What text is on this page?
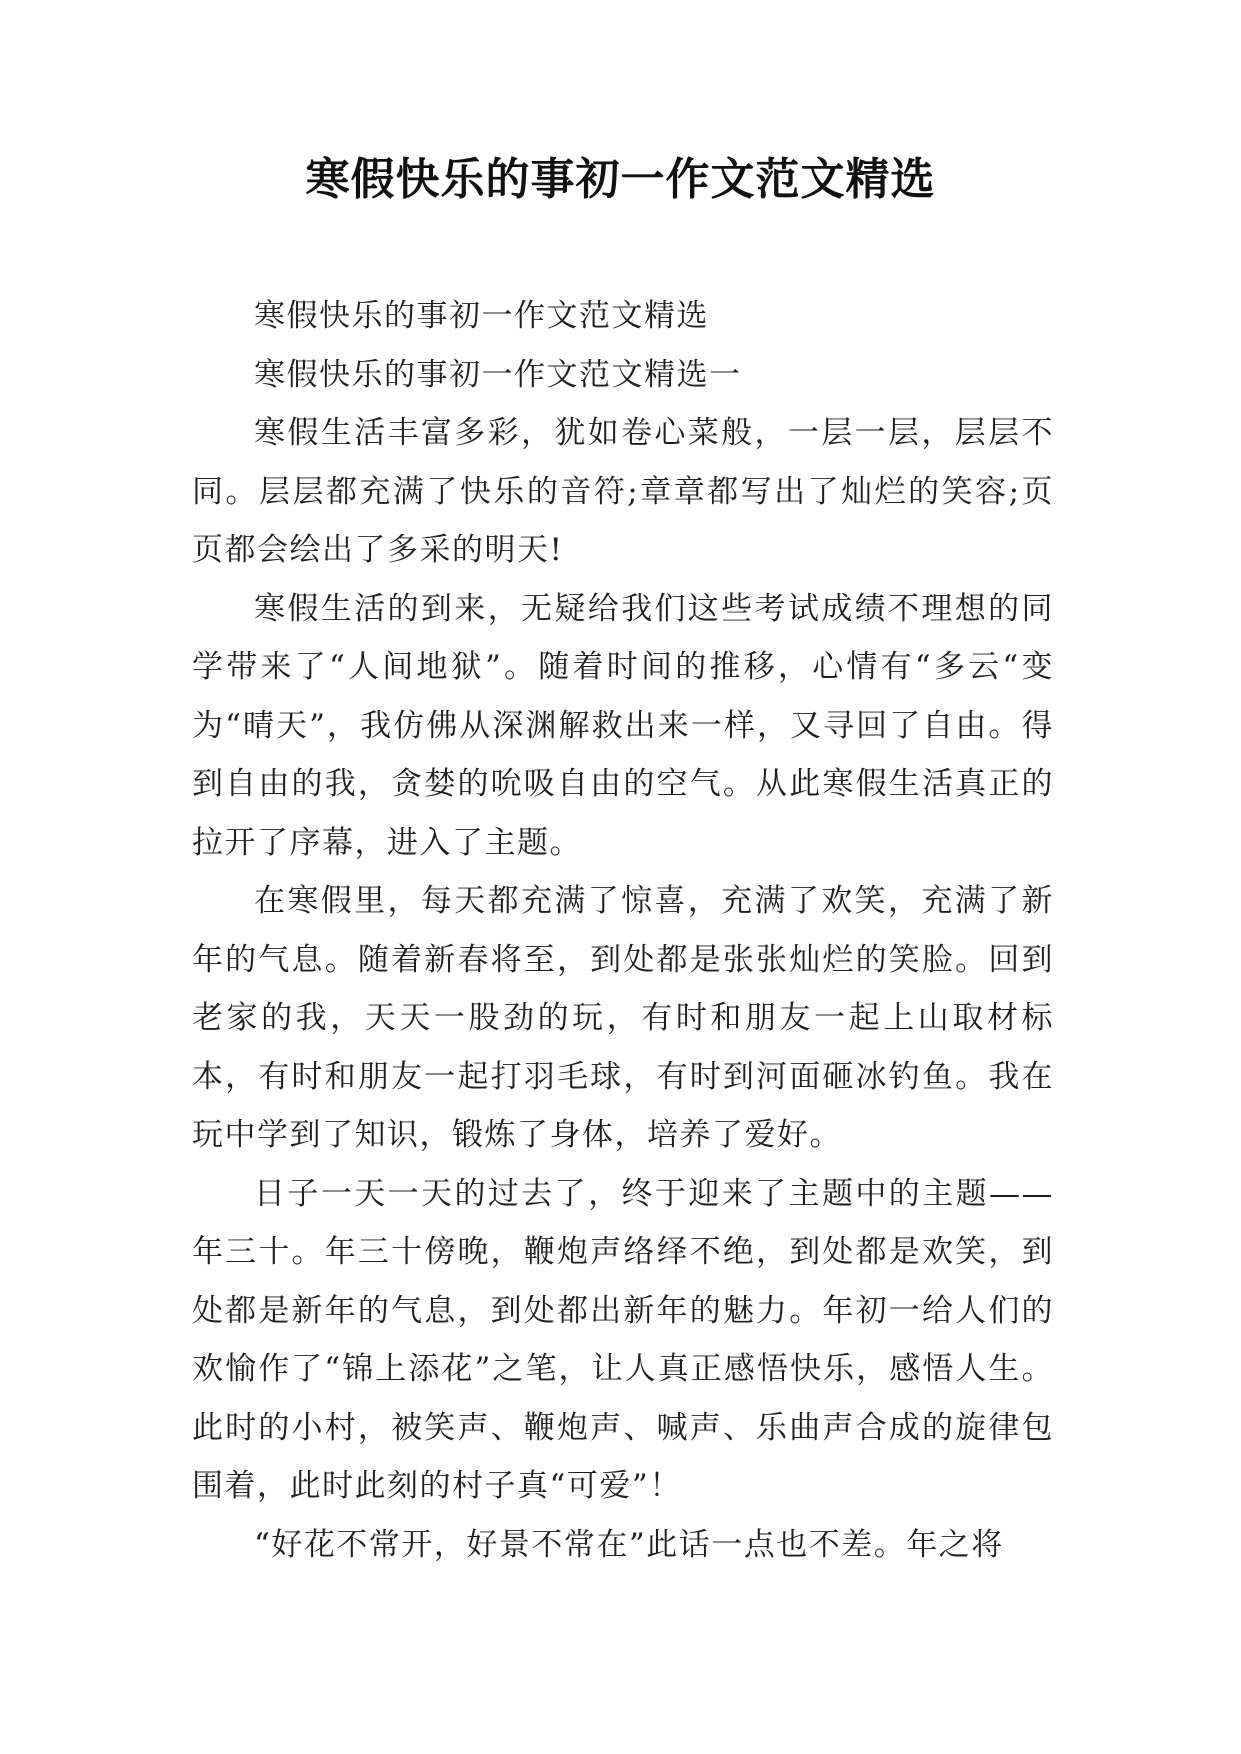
寒假快乐的事初一作文范文精选

寒假快乐的事初一作文范文精选

寒假快乐的事初一作文范文精选一

寒假生活丰富多彩，犹如卷心菜般，一层一层，层层不同。层层都充满了快乐的音符;章章都写出了灿烂的笑容;页页都会绘出了多采的明天!

寒假生活的到来，无疑给我们这些考试成绩不理想的同学带来了“人间地狱”。随着时间的推移，心情有“多云“变为“晴天”，我仿佛从深渊解救出来一样，又寻回了自由。得到自由的我，贪婪的吮吸自由的空气。从此寒假生活真正的拉开了序幕，进入了主题。

在寒假里，每天都充满了惊喜，充满了欢笑，充满了新年的气息。随着新春将至，到处都是张张灿烂的笑脸。回到老家的我，天天一股劲的玩，有时和朋友一起上山取材标本，有时和朋友一起打羽毛球，有时到河面砸冰钓鱼。我在玩中学到了知识，锻炼了身体，培养了爱好。

日子一天一天的过去了，终于迎来了主题中的主题——年三十。年三十傍晚，鞭炮声络绎不绝，到处都是欢笑，到处都是新年的气息，到处都出新年的魅力。年初一给人们的欢愉作了“锦上添花”之笔，让人真正感悟快乐，感悟人生。此时的小村，被笑声、鞭炮声、喊声、乐曲声合成的旋律包围着，此时此刻的村子真“可爱”！

“好花不常开，好景不常在”此话一点也不差。年之将
